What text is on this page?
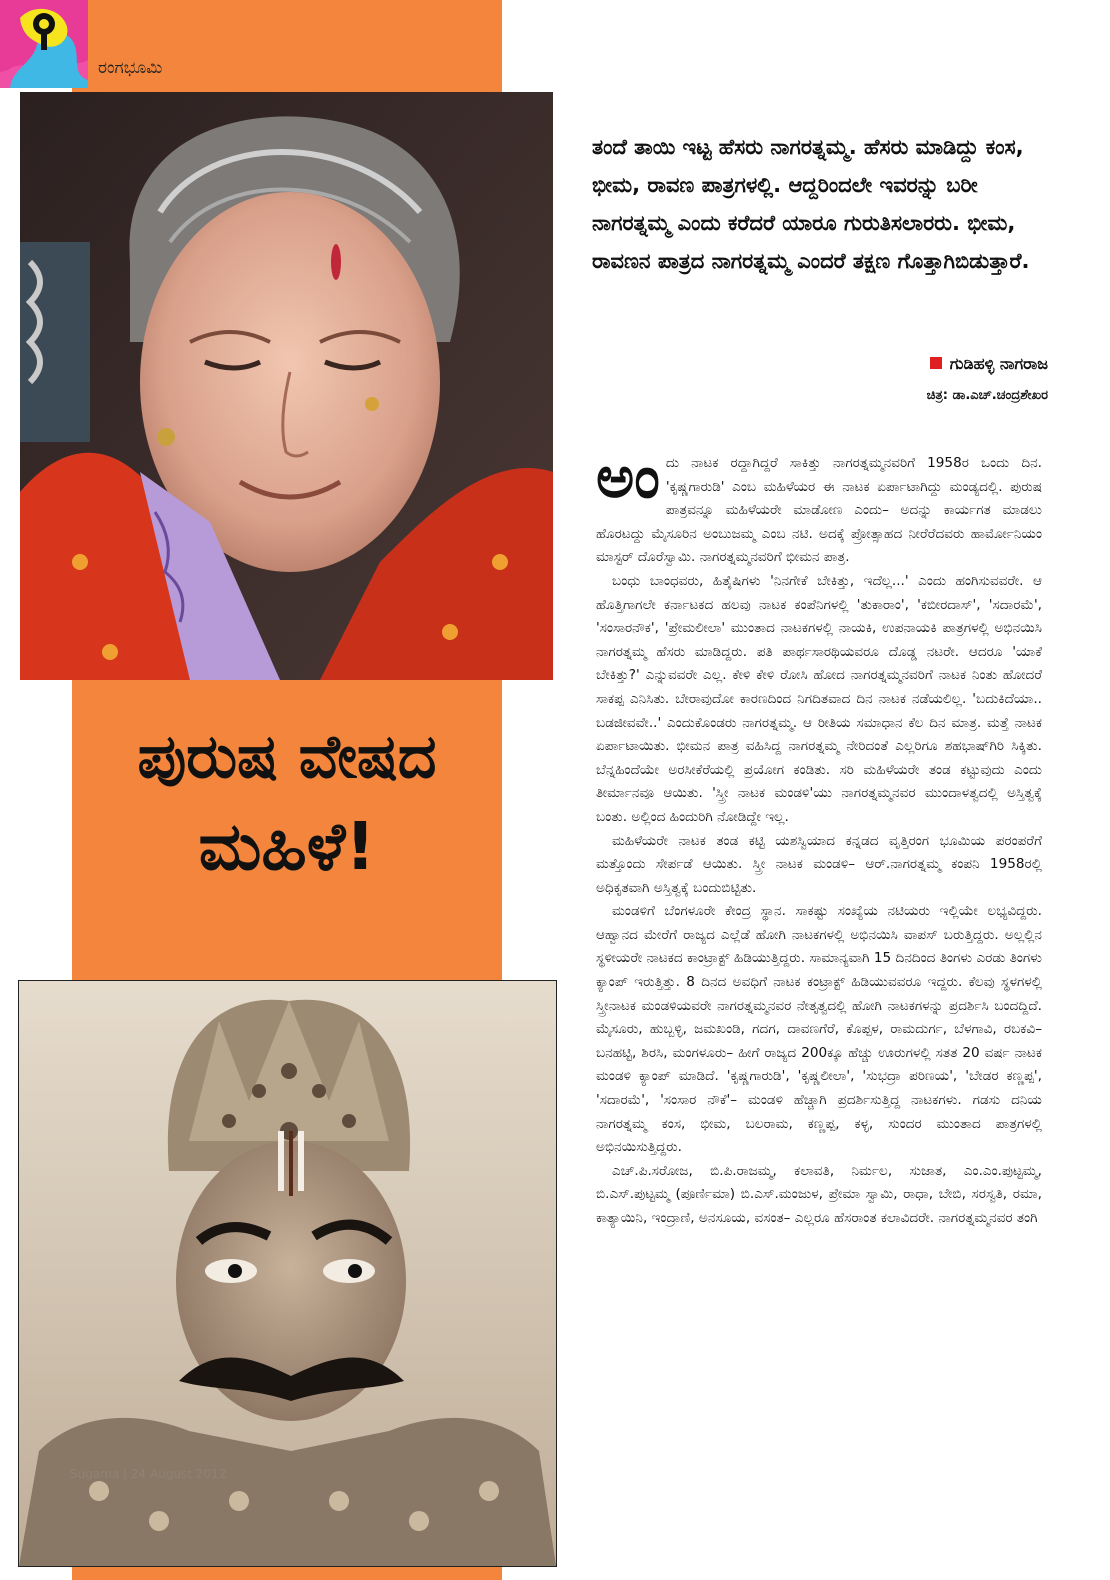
ರಂಗಭೂಮಿ
ಪುರುಷ ವೇಷದ
ಮಹಿಳೆ!
Sugama | 24 August 2012
ತಂದೆ ತಾಯಿ ಇಟ್ಟ ಹೆಸರು ನಾಗರತ್ನಮ್ಮ. ಹೆಸರು ಮಾಡಿದ್ದು ಕಂಸ, ಭೀಮ, ರಾವಣ ಪಾತ್ರಗಳಲ್ಲಿ. ಆದ್ದರಿಂದಲೇ ಇವರನ್ನು ಬರೀ ನಾಗರತ್ನಮ್ಮ ಎಂದು ಕರೆದರೆ ಯಾರೂ ಗುರುತಿಸಲಾರರು. ಭೀಮ, ರಾವಣನ ಪಾತ್ರದ ನಾಗರತ್ನಮ್ಮ ಎಂದರೆ ತಕ್ಷಣ ಗೊತ್ತಾಗಿಬಿಡುತ್ತಾರೆ.
ಗುಡಿಹಳ್ಳಿ ನಾಗರಾಜ
ಚಿತ್ರ: ಡಾ.ಎಚ್.ಚಂದ್ರಶೇಖರ

ಅಂದು ನಾಟಕ ರದ್ದಾಗಿದ್ದರೆ ಸಾಕಿತ್ತು ನಾಗರತ್ನಮ್ಮನವರಿಗೆ 1958ರ ಒಂದು ದಿನ. 'ಕೃಷ್ಣಗಾರುಡಿ' ಎಂಬ ಮಹಿಳೆಯರ ಈ ನಾಟಕ ಏರ್ಪಾಟಾಗಿದ್ದು ಮಂಡ್ಯದಲ್ಲಿ. ಪುರುಷ ಪಾತ್ರವನ್ನೂ ಮಹಿಳೆಯರೇ ಮಾಡೋಣ ಎಂದು– ಅದನ್ನು ಕಾರ್ಯಗತ ಮಾಡಲು ಹೊರಟದ್ದು ಮೈಸೂರಿನ ಅಂಬುಜಮ್ಮ ಎಂಬ ನಟಿ. ಅದಕ್ಕೆ ಪ್ರೋತ್ಸಾಹದ ನೀರೆರೆದವರು ಹಾರ್ಮೋನಿಯಂ ಮಾಸ್ಟರ್ ದೊರೆಸ್ವಾಮಿ. ನಾಗರತ್ನಮ್ಮನವರಿಗೆ ಭೀಮನ ಪಾತ್ರ.

ಬಂಧು ಬಾಂಧವರು, ಹಿತೈಷಿಗಳು 'ನಿನಗೇಕೆ ಬೇಕಿತ್ತು, ಇದೆಲ್ಲ...' ಎಂದು ಹಂಗಿಸುವವರೇ. ಆ ಹೊತ್ತಿಗಾಗಲೇ ಕರ್ನಾಟಕದ ಹಲವು ನಾಟಕ ಕಂಪೆನಿಗಳಲ್ಲಿ 'ತುಕಾರಾಂ', 'ಕಬೀರದಾಸ್', 'ಸದಾರಮೆ', 'ಸಂಸಾರನೌಕ', 'ಪ್ರೇಮಲೀಲಾ' ಮುಂತಾದ ನಾಟಕಗಳಲ್ಲಿ ನಾಯಕಿ, ಉಪನಾಯಕಿ ಪಾತ್ರಗಳಲ್ಲಿ ಅಭಿನಯಿಸಿ ನಾಗರತ್ನಮ್ಮ ಹೆಸರು ಮಾಡಿದ್ದರು. ಪತಿ ಪಾರ್ಥಸಾರಥಿಯವರೂ ದೊಡ್ಡ ನಟರೇ. ಆದರೂ 'ಯಾಕೆ ಬೇಕಿತ್ತು?' ಎನ್ನುವವರೇ ಎಲ್ಲ. ಕೇಳಿ ಕೇಳಿ ರೋಸಿ ಹೋದ ನಾಗರತ್ನಮ್ಮನವರಿಗೆ ನಾಟಕ ನಿಂತು ಹೋದರೆ ಸಾಕಪ್ಪ ಎನಿಸಿತು. ಬೇರಾವುದೋ ಕಾರಣದಿಂದ ನಿಗದಿತವಾದ ದಿನ ನಾಟಕ ನಡೆಯಲಿಲ್ಲ. 'ಬದುಕಿದೆಯಾ.. ಬಡಜೀವವೇ..' ಎಂದುಕೊಂಡರು ನಾಗರತ್ನಮ್ಮ. ಆ ರೀತಿಯ ಸಮಾಧಾನ ಕೆಲ ದಿನ ಮಾತ್ರ. ಮತ್ತೆ ನಾಟಕ ಏರ್ಪಾಟಾಯಿತು. ಭೀಮನ ಪಾತ್ರ ವಹಿಸಿದ್ದ ನಾಗರತ್ನಮ್ಮ ನೇರಿದಂತೆ ಎಲ್ಲರಿಗೂ ಶಹಭಾಷ್‌ಗಿರಿ ಸಿಕ್ಕಿತು. ಬೆನ್ನಹಿಂದೆಯೇ ಅರಸೀಕೆರೆಯಲ್ಲಿ ಪ್ರಯೋಗ ಕಂಡಿತು. ಸರಿ ಮಹಿಳೆಯರೇ ತಂಡ ಕಟ್ಟುವುದು ಎಂದು ತೀರ್ಮಾನವೂ ಆಯಿತು. 'ಸ್ತ್ರೀ ನಾಟಕ ಮಂಡಳಿ'ಯು ನಾಗರತ್ನಮ್ಮನವರ ಮುಂದಾಳತ್ವದಲ್ಲಿ ಅಸ್ತಿತ್ವಕ್ಕೆ ಬಂತು. ಅಲ್ಲಿಂದ ಹಿಂದುರಿಗಿ ನೋಡಿದ್ದೇ ಇಲ್ಲ.

ಮಹಿಳೆಯರೇ ನಾಟಕ ತಂಡ ಕಟ್ಟಿ ಯಶಸ್ವಿಯಾದ ಕನ್ನಡದ ವೃತ್ತಿರಂಗ ಭೂಮಿಯ ಪರಂಪರೆಗೆ ಮತ್ತೊಂದು ಸೇರ್ಪಡೆ ಆಯಿತು. ಸ್ತ್ರೀ ನಾಟಕ ಮಂಡಳಿ– ಆರ್.ನಾಗರತ್ನಮ್ಮ ಕಂಪನಿ 1958ರಲ್ಲಿ ಅಧಿಕೃತವಾಗಿ ಅಸ್ತಿತ್ವಕ್ಕೆ ಬಂದುಬಿಟ್ಟಿತು.

ಮಂಡಳಿಗೆ ಬೆಂಗಳೂರೇ ಕೇಂದ್ರ ಸ್ಥಾನ. ಸಾಕಷ್ಟು ಸಂಖ್ಯೆಯ ನಟಿಯರು ಇಲ್ಲಿಯೇ ಲಭ್ಯವಿದ್ದರು. ಆಹ್ವಾನದ ಮೇರೆಗೆ ರಾಜ್ಯದ ಎಲ್ಲೆಡೆ ಹೋಗಿ ನಾಟಕಗಳಲ್ಲಿ ಅಭಿನಯಿಸಿ ವಾಪಸ್ ಬರುತ್ತಿದ್ದರು. ಅಲ್ಲಲ್ಲಿನ ಸ್ಥಳೀಯರೇ ನಾಟಕದ ಕಾಂಟ್ರಾಕ್ಟ್ ಹಿಡಿಯುತ್ತಿದ್ದರು. ಸಾಮಾನ್ಯವಾಗಿ 15 ದಿನದಿಂದ ತಿಂಗಳು ಎರಡು ತಿಂಗಳು ಕ್ಯಾಂಪ್ ಇರುತ್ತಿತ್ತು. 8 ದಿನದ ಅವಧಿಗೆ ನಾಟಕ ಕಂಟ್ರಾಕ್ಟ್ ಹಿಡಿಯುವವರೂ ಇದ್ದರು. ಕೆಲವು ಸ್ಥಳಗಳಲ್ಲಿ ಸ್ತ್ರೀನಾಟಕ ಮಂಡಳಿಯವರೇ ನಾಗರತ್ನಮ್ಮನವರ ನೇತೃತ್ವದಲ್ಲಿ ಹೋಗಿ ನಾಟಕಗಳನ್ನು ಪ್ರದರ್ಶಿಸಿ ಬಂದದ್ದಿದೆ. ಮೈಸೂರು, ಹುಬ್ಬಳ್ಳಿ, ಜಮಖಂಡಿ, ಗದಗ, ದಾವಣಗೆರೆ, ಕೊಪ್ಪಳ, ರಾಮದುರ್ಗ, ಬೆಳಗಾವಿ, ರಬಕವಿ– ಬನಹಟ್ಟಿ, ಶಿರಸಿ, ಮಂಗಳೂರು– ಹೀಗೆ ರಾಜ್ಯದ 200ಕ್ಕೂ ಹೆಚ್ಚು ಊರುಗಳಲ್ಲಿ ಸತತ 20 ವರ್ಷ ನಾಟಕ ಮಂಡಳಿ ಕ್ಯಾಂಪ್ ಮಾಡಿದೆ. 'ಕೃಷ್ಣಗಾರುಡಿ', 'ಕೃಷ್ಣಲೀಲಾ', 'ಸುಭದ್ರಾ ಪರಿಣಯ', 'ಬೇಡರ ಕಣ್ಣಪ್ಪ', 'ಸದಾರಮೆ', 'ಸಂಸಾರ ನೌಕೆ'– ಮಂಡಳಿ ಹೆಚ್ಚಾಗಿ ಪ್ರದರ್ಶಿಸುತ್ತಿದ್ದ ನಾಟಕಗಳು. ಗಡಸು ದನಿಯ ನಾಗರತ್ನಮ್ಮ ಕಂಸ, ಭೀಮ, ಬಲರಾಮ, ಕಣ್ಣಪ್ಪ, ಕಳ್ಳ, ಸುಂದರ ಮುಂತಾದ ಪಾತ್ರಗಳಲ್ಲಿ ಅಭಿನಯಿಸುತ್ತಿದ್ದರು.

ಎಚ್.ಪಿ.ಸರೋಜ, ಬಿ.ಪಿ.ರಾಜಮ್ಮ, ಕಲಾವತಿ, ನಿರ್ಮಲ, ಸುಜಾತ, ಎಂ.ಎಂ.ಪುಟ್ಟಮ್ಮ, ಬಿ.ಎಸ್.ಪುಟ್ಟಮ್ಮ (ಪೂರ್ಣಿಮಾ) ಬಿ.ಎಸ್.ಮಂಜುಳ, ಪ್ರೇಮಾ ಸ್ವಾಮಿ, ರಾಧಾ, ಬೇಬಿ, ಸರಸ್ವತಿ, ರಮಾ, ಕಾತ್ಯಾಯಿನಿ, ಇಂದ್ರಾಣಿ, ಅನಸೂಯ, ವಸಂತ– ಎಲ್ಲರೂ ಹೆಸರಾಂತ ಕಲಾವಿದರೇ. ನಾಗರತ್ನಮ್ಮನವರ ತಂಗಿ
